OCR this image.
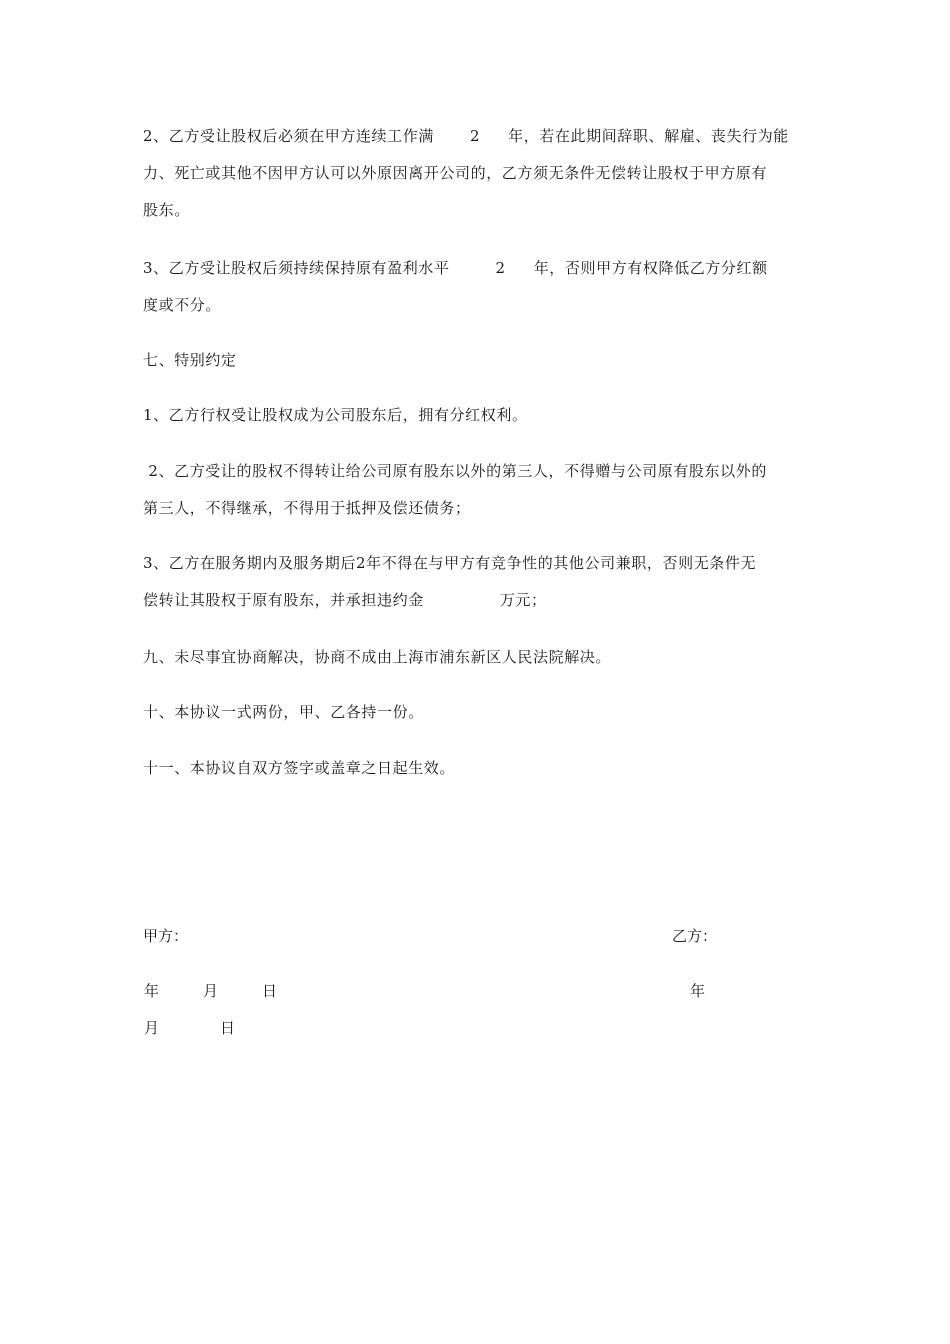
2、乙方受让股权后必须在甲方连续工作满 2 年，若在此期间辞职、解雇、丧失行为能
力、死亡或其他不因甲方认可以外原因离开公司的，乙方须无条件无偿转让股权于甲方原有
股东。
3、乙方受让股权后须持续保持原有盈利水平	2 年，否则甲方有权降低乙方分红额
度或不分。
七、特别约定
1、乙方行权受让股权成为公司股东后，拥有分红权利。
2、乙方受让的股权不得转让给公司原有股东以外的第三人，不得赠与公司原有股东以外的
第三人，不得继承，不得用于抵押及偿还债务；
3、乙方在服务期内及服务期后2年不得在与甲方有竞争性的其他公司兼职，否则无条件无
偿转让其股权于原有股东，并承担违约金	万元；
九、未尽事宜协商解决，协商不成由上海市浦东新区人民法院解决。
十、本协议一式两份，甲、乙各持一份。
十一、本协议自双方签字或盖章之日起生效。
甲方：	乙方：
年	月	日	年
月	日
